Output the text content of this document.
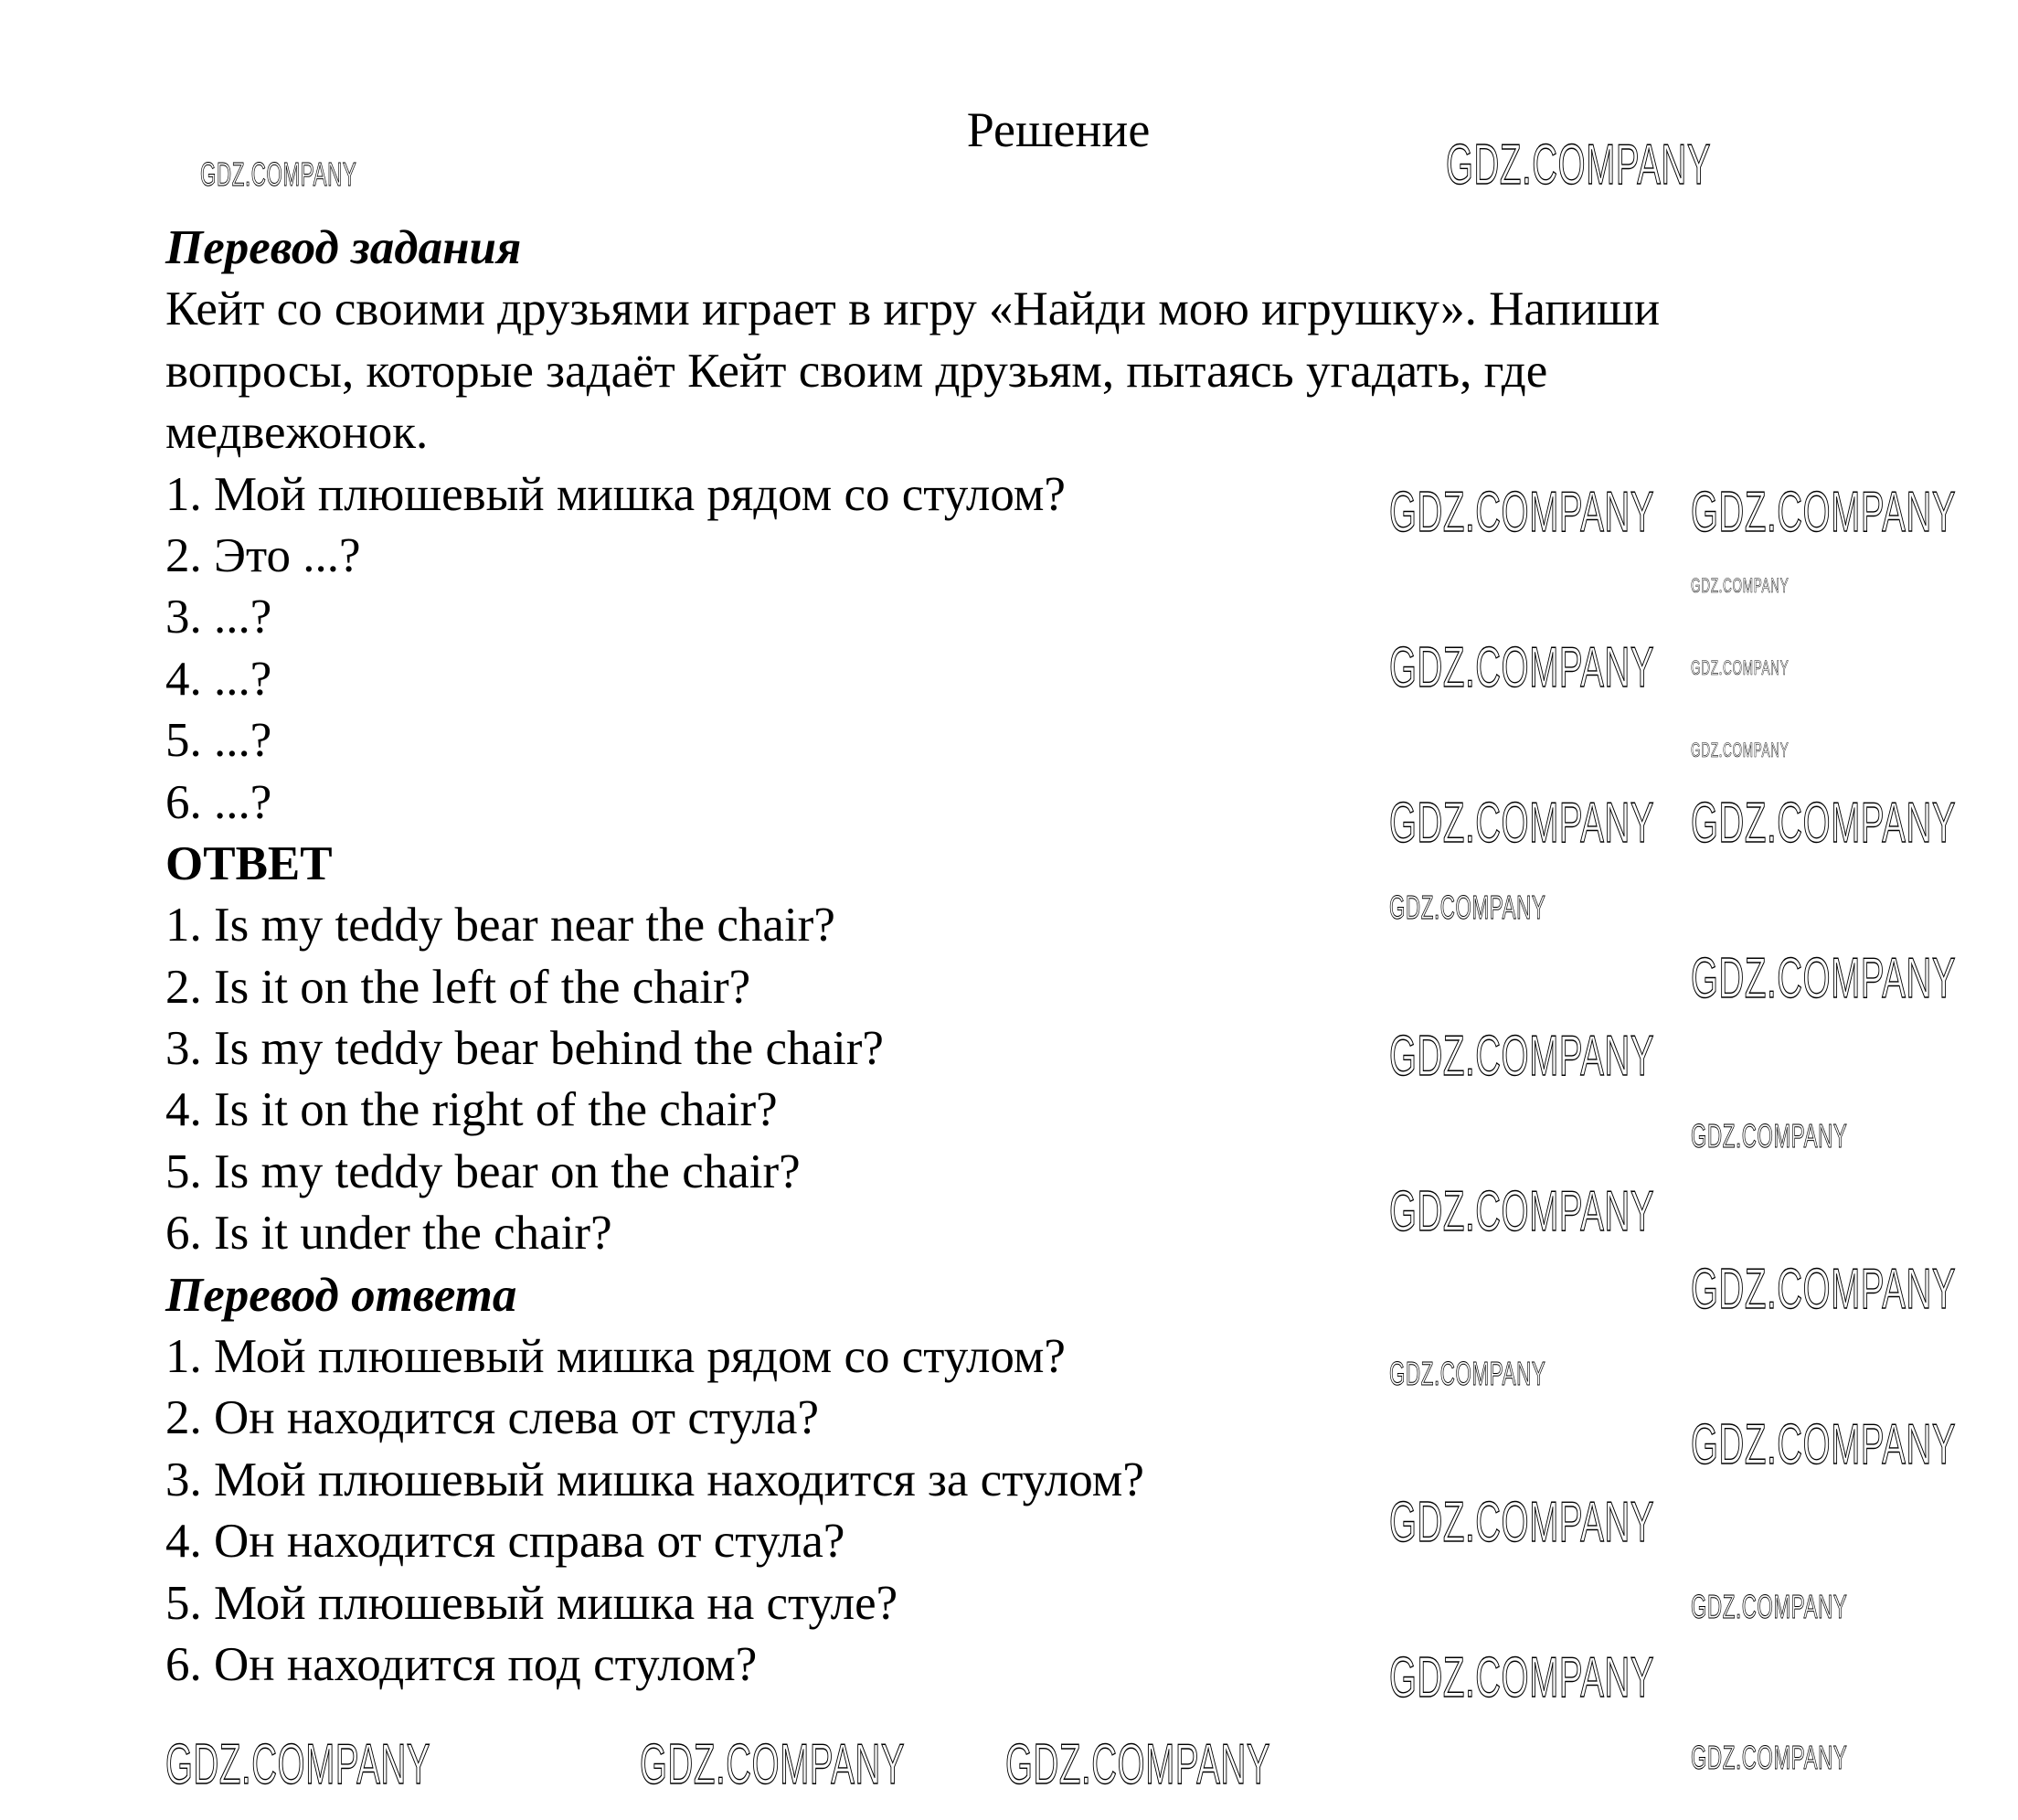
Решение
Перевод задания
Кейт со своими друзьями играет в игру «Найди мою игрушку». Напиши
вопросы, которые задаёт Кейт своим друзьям, пытаясь угадать, где
медвежонок.
1. Мой плюшевый мишка рядом со стулом?
2. Это ...?
3. ...?
4. ...?
5. ...?
6. ...?
ОТВЕТ
1. Is my teddy bear near the chair?
2. Is it on the left of the chair?
3. Is my teddy bear behind the chair?
4. Is it on the right of the chair?
5. Is my teddy bear on the chair?
6. Is it under the chair?
Перевод ответа
1. Мой плюшевый мишка рядом со стулом?
2. Он находится слева от стула?
3. Мой плюшевый мишка находится за стулом?
4. Он находится справа от стула?
5. Мой плюшевый мишка на стуле?
6. Он находится под стулом?
GDZ.COMPANY
GDZ.COMPANY
GDZ.COMPANY GDZ.COMPANY
GDZ.COMPANY
GDZ.COMPANY GDZ.COMPANY
GDZ.COMPANY
GDZ.COMPANY GDZ.COMPANY
GDZ.COMPANY
GDZ.COMPANY
GDZ.COMPANY
GDZ.COMPANY
GDZ.COMPANY
GDZ.COMPANY
GDZ.COMPANY
GDZ.COMPANY
GDZ.COMPANY
GDZ.COMPANY
GDZ.COMPANY
GDZ.COMPANY
GDZ.COMPANY	GDZ.COMPANY GDZ.COMPANY
